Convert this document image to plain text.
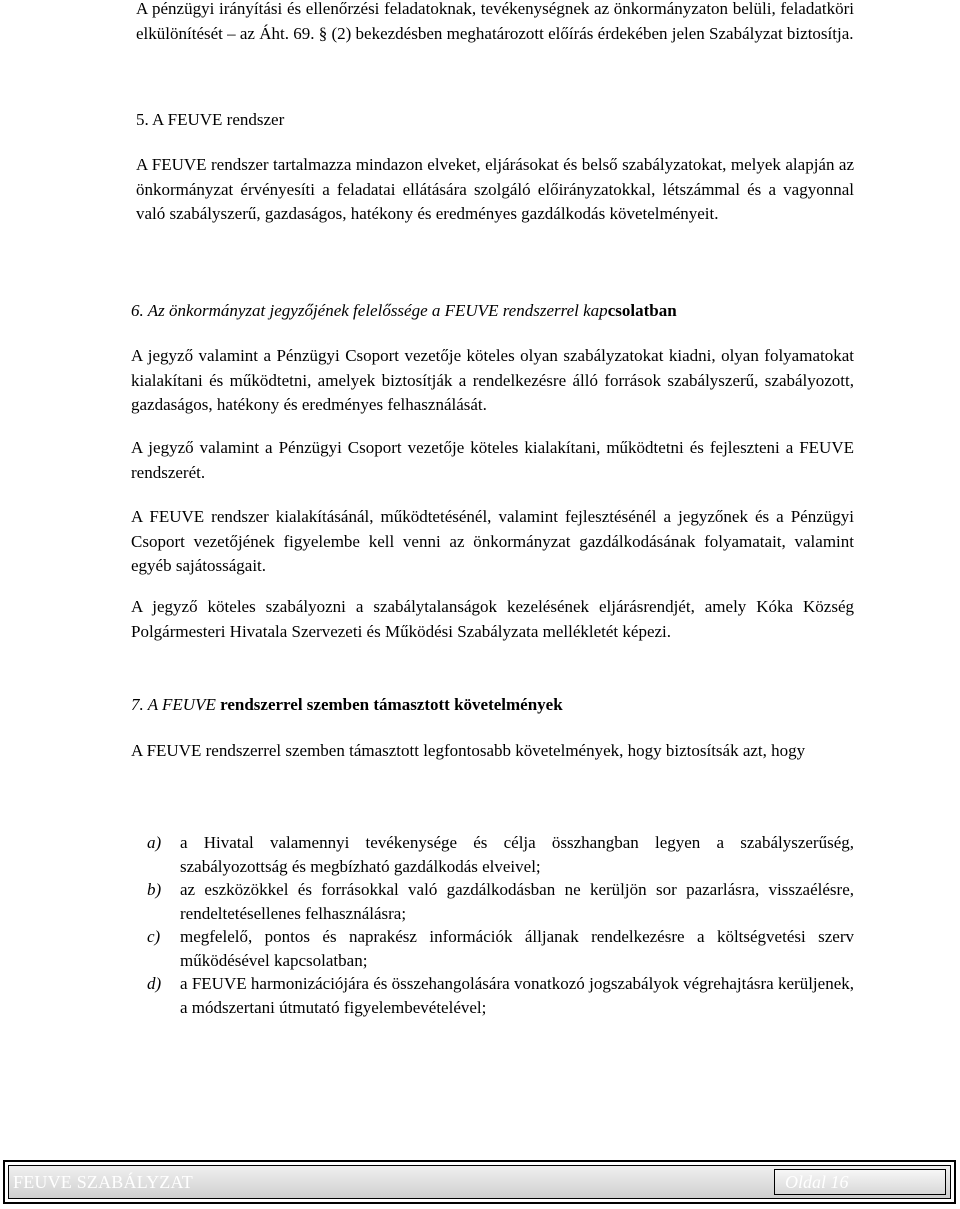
A pénzügyi irányítási és ellenőrzési feladatoknak, tevékenységnek az önkormányzaton belüli, feladatköri elkülönítését – az Áht. 69. § (2) bekezdésben meghatározott előírás érdekében jelen Szabályzat biztosítja.

5. A FEUVE rendszer

A FEUVE rendszer tartalmazza mindazon elveket, eljárásokat és belső szabályzatokat, melyek alapján az önkormányzat érvényesíti a feladatai ellátására szolgáló előirányzatokkal, létszámmal és a vagyonnal való szabályszerű, gazdaságos, hatékony és eredményes gazdálkodás követelményeit.

6. Az önkormányzat jegyzőjének felelőssége a FEUVE rendszerrel kapcsolatban

A jegyző valamint a Pénzügyi Csoport vezetője köteles olyan szabályzatokat kiadni, olyan folyamatokat kialakítani és működtetni, amelyek biztosítják a rendelkezésre álló források szabályszerű, szabályozott, gazdaságos, hatékony és eredményes felhasználását.

A jegyző valamint a Pénzügyi Csoport vezetője köteles kialakítani, működtetni és fejleszteni a FEUVE rendszerét.

A FEUVE rendszer kialakításánál, működtetésénél, valamint fejlesztésénél a jegyzőnek és a Pénzügyi Csoport vezetőjének figyelembe kell venni az önkormányzat gazdálkodásának folyamatait, valamint egyéb sajátosságait.

A jegyző köteles szabályozni a szabálytalanságok kezelésének eljárásrendjét, amely Kóka Község Polgármesteri Hivatala Szervezeti és Működési Szabályzata mellékletét képezi.

7. A FEUVE rendszerrel szemben támasztott követelmények

A FEUVE rendszerrel szemben támasztott legfontosabb követelmények, hogy biztosítsák azt, hogy

a) a Hivatal valamennyi tevékenysége és célja összhangban legyen a szabályszerűség, szabályozottság és megbízható gazdálkodás elveivel;
b) az eszközökkel és forrásokkal való gazdálkodásban ne kerüljön sor pazarlásra, visszaélésre, rendeltetésellenes felhasználásra;
c) megfelelő, pontos és naprakész információk álljanak rendelkezésre a költségvetési szerv működésével kapcsolatban;
d) a FEUVE harmonizációjára és összehangolására vonatkozó jogszabályok végrehajtásra kerüljenek, a módszertani útmutató figyelembevételével;
FEUVE SZABÁLYZAT	Oldal 16
